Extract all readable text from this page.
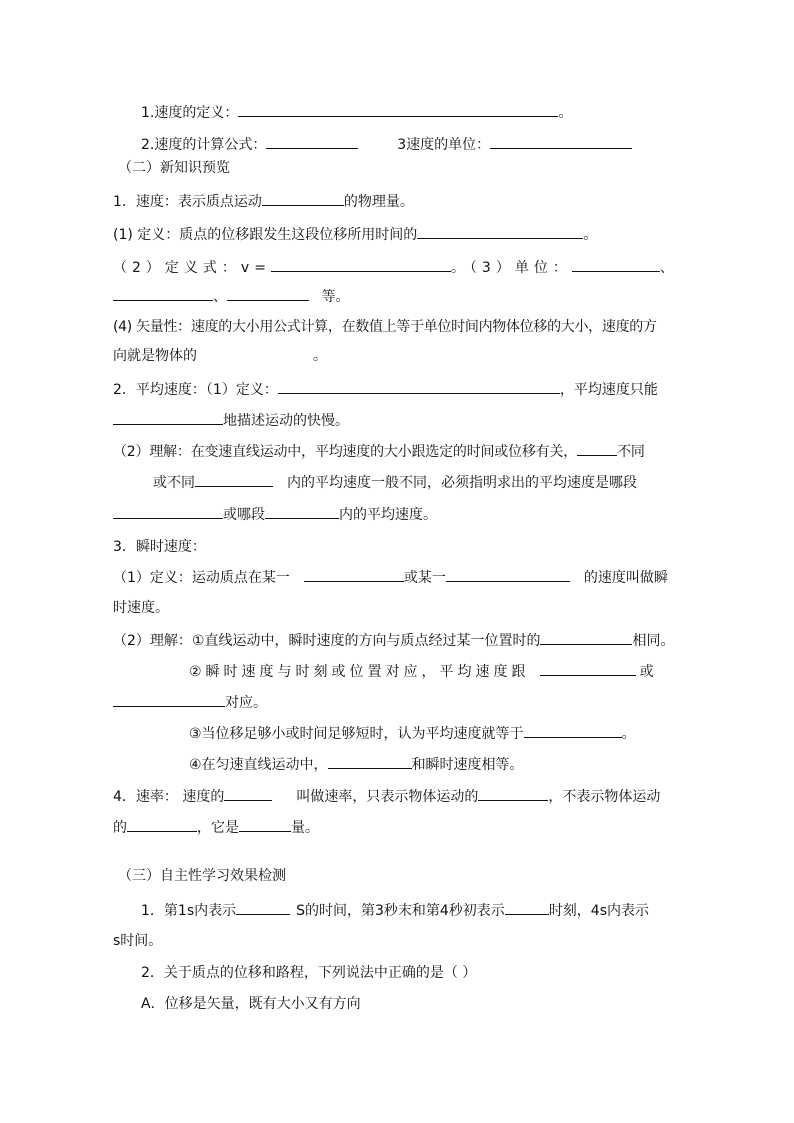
1.速度的定义：	。
2.速度的计算公式：	3速度的单位：
（二）新知识预览
1．速度：表示质点运动	的物理量。
(1) 定义：质点的位移跟发生这段位移所用时间的	。
（2）定义式：v=	。（3）单位：	、
、	等。
(4) 矢量性：速度的大小用公式计算，在数值上等于单位时间内物体位移的大小，速度的方
向就是物体的	。
2．平均速度：（1）定义：	，平均速度只能
地描述运动的快慢。
（2）理解：在变速直线运动中，平均速度的大小跟选定的时间或位移有关，	不同
或不同	内的平均速度一般不同，必须指明求出的平均速度是哪段
或哪段	内的平均速度。
3．瞬时速度：
（1）定义：运动质点在某一	或某一	的速度叫做瞬
时速度。
（2）理解：①直线运动中，瞬时速度的方向与质点经过某一位置时的	相同。
②瞬时速度与时刻或位置对应，平均速度跟	或
对应。
③当位移足够小或时间足够短时，认为平均速度就等于	。
④在匀速直线运动中，	和瞬时速度相等。
4．速率： 速度的	叫做速率，只表示物体运动的	，不表示物体运动
的	，它是	量。
（三）自主性学习效果检测
1．第1s内表示	S的时间，第3秒末和第4秒初表示	时刻，4s内表示
s时间。
2．关于质点的位移和路程，下列说法中正确的是（ ）
A．位移是矢量，既有大小又有方向
